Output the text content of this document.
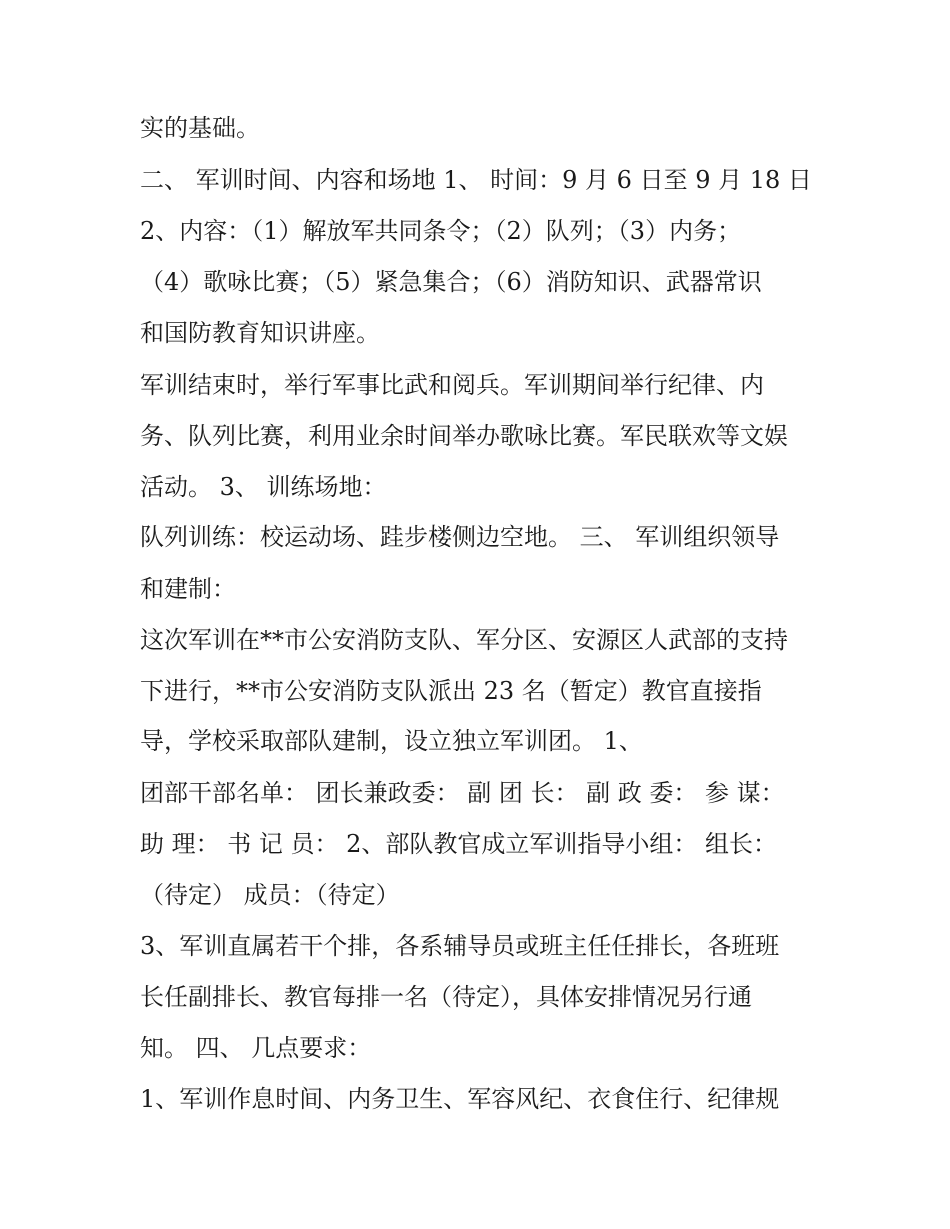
实的基础。

二、 军训时间、内容和场地 1、 时间：9 月 6 日至 9 月 18 日

2、内容：（1）解放军共同条令；（2）队列；（3）内务；

（4）歌咏比赛；（5）紧急集合；（6）消防知识、武器常识

和国防教育知识讲座。

军训结束时，举行军事比武和阅兵。军训期间举行纪律、内

务、队列比赛，利用业余时间举办歌咏比赛。军民联欢等文娱

活动。 3、 训练场地：

队列训练：校运动场、跬步楼侧边空地。 三、 军训组织领导

和建制：

这次军训在**市公安消防支队、军分区、安源区人武部的支持

下进行，**市公安消防支队派出 23 名（暂定）教官直接指

导，学校采取部队建制，设立独立军训团。 1、

团部干部名单： 团长兼政委： 副 团 长： 副 政 委： 参 谋：

助 理： 书 记 员： 2、部队教官成立军训指导小组： 组长：

（待定） 成员：（待定）

3、军训直属若干个排，各系辅导员或班主任任排长，各班班

长任副排长、教官每排一名（待定），具体安排情况另行通

知。 四、 几点要求：

1、军训作息时间、内务卫生、军容风纪、衣食住行、纪律规
